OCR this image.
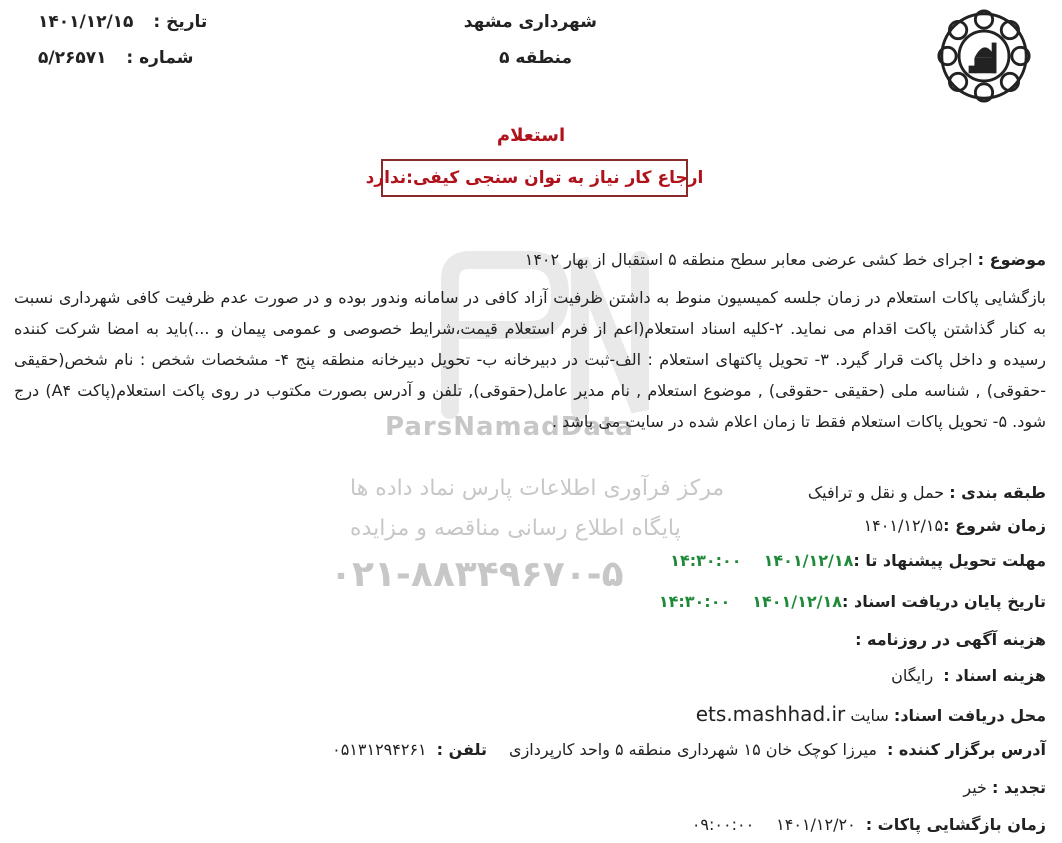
شهرداری مشهد
منطقه ۵
تاریخ : ۱۴۰۱/۱۲/۱۵
شماره : ۵/۲۶۵۷۱
استعلام
ارجاع کار نیاز به توان سنجی کیفی:ندارد
ParsNamadData
مرکز فرآوری اطلاعات پارس نماد داده ها
پایگاه اطلاع رسانی مناقصه و مزایده
۰۲۱-۸۸۳۴۹۶۷۰-۵
موضوع : اجرای خط کشی عرضی معابر سطح منطقه ۵ استقبال از بهار ۱۴۰۲
بازگشایی پاکات استعلام در زمان جلسه کمیسیون منوط به داشتن ظرفیت آزاد کافی در سامانه وندور بوده و در صورت عدم ظرفیت کافی شهرداری نسبت به کنار گذاشتن پاکت اقدام می نماید. ۲-کلیه اسناد استعلام(اعم از فرم استعلام قیمت،شرایط خصوصی و عمومی پیمان و ...)باید به امضا شرکت کننده رسیده و داخل پاکت قرار گیرد. ۳- تحویل پاکتهای استعلام : الف-ثبت در دبیرخانه ب- تحویل دبیرخانه منطقه پنج ۴- مشخصات شخص : نام شخص(حقیقی -حقوقی) , شناسه ملی (حقیقی -حقوقی) , موضوع استعلام , نام مدیر عامل(حقوقی), تلفن و آدرس بصورت مکتوب در روی پاکت استعلام(پاکت A۴) درج شود. ۵- تحویل پاکات استعلام فقط تا زمان اعلام شده در سایت می باشد .
طبقه بندی : حمل و نقل و ترافیک
زمان شروع :۱۴۰۱/۱۲/۱۵
مهلت تحویل پیشنهاد تا :۱۴۰۱/۱۲/۱۸۱۴:۳۰:۰۰
تاریخ پایان دریافت اسناد :۱۴۰۱/۱۲/۱۸۱۴:۳۰:۰۰
هزینه آگهی در روزنامه :
هزینه اسناد :رایگان
محل دریافت اسناد: سایت ets.mashhad.ir
آدرس برگزار کننده :میرزا کوچک خان ۱۵ شهرداری منطقه ۵ واحد کارپردازیتلفن :۰۵۱۳۱۲۹۴۲۶۱
تجدید : خیر
زمان بازگشایی پاکات :۱۴۰۱/۱۲/۲۰۰۹:۰۰:۰۰
